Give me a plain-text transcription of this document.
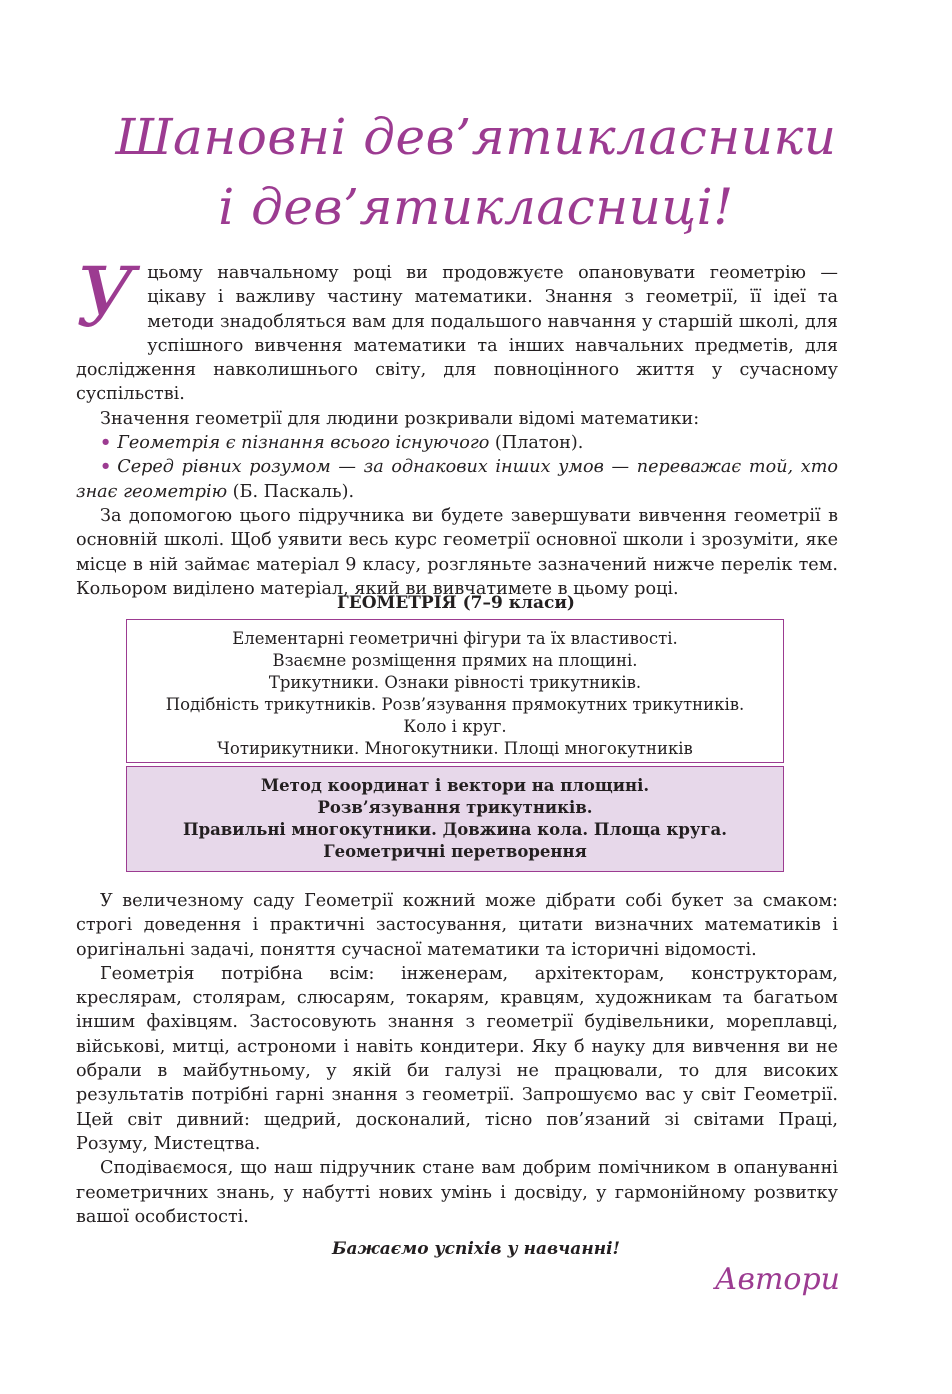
Шановні дев’ятикласники
і дев’ятикласниці!
У цьому навчальному році ви продовжуєте опановувати геометрію — цікаву і важливу частину математики. Знання з геометрії, її ідеї та методи знадобляться вам для подальшого навчання у старшій школі, для успішного вивчення математики та інших навчальних предметів, для дослідження навколишнього світу, для повноцінного життя у сучасному суспільстві.

Значення геометрії для людини розкривали відомі математики:

• Геометрія є пізнання всього існуючого (Платон).

• Серед рівних розумом — за однакових інших умов — переважає той, хто знає геометрію (Б. Паскаль).

За допомогою цього підручника ви будете завершувати вивчення геометрії в основній школі. Щоб уявити весь курс геометрії основної школи і зрозуміти, яке місце в ній займає матеріал 9 класу, розгляньте зазначений нижче перелік тем. Кольором виділено матеріал, який ви вивчатимете в цьому році.

ГЕОМЕТРІЯ (7–9 класи)
Елементарні геометричні фігури та їх властивості.
Взаємне розміщення прямих на площині.
Трикутники. Ознаки рівності трикутників.
Подібність трикутників. Розв’язування прямокутних трикутників.
Коло і круг.
Чотирикутники. Многокутники. Площі многокутників
Метод координат і вектори на площині.
Розв’язування трикутників.
Правильні многокутники. Довжина кола. Площа круга.
Геометричні перетворення

У величезному саду Геометрії кожний може дібрати собі букет за смаком: строгі доведення і практичні застосування, цитати визначних математиків і оригінальні задачі, поняття сучасної математики та історичні відомості.

Геометрія потрібна всім: інженерам, архітекторам, конструкторам, креслярам, столярам, слюсарям, токарям, кравцям, художникам та багатьом іншим фахівцям. Застосовують знання з геометрії будівельники, мореплавці, військові, митці, астрономи і навіть кондитери. Яку б науку для вивчення ви не обрали в майбутньому, у якій би галузі не працювали, то для високих результатів потрібні гарні знання з геометрії. Запрошуємо вас у світ Геометрії. Цей світ дивний: щедрий, досконалий, тісно пов’язаний зі світами Праці, Розуму, Мистецтва.

Сподіваємося, що наш підручник стане вам добрим помічником в опануванні геометричних знань, у набутті нових умінь і досвіду, у гармонійному розвитку вашої особистості.

Бажаємо успіхів у навчанні!
Автори
